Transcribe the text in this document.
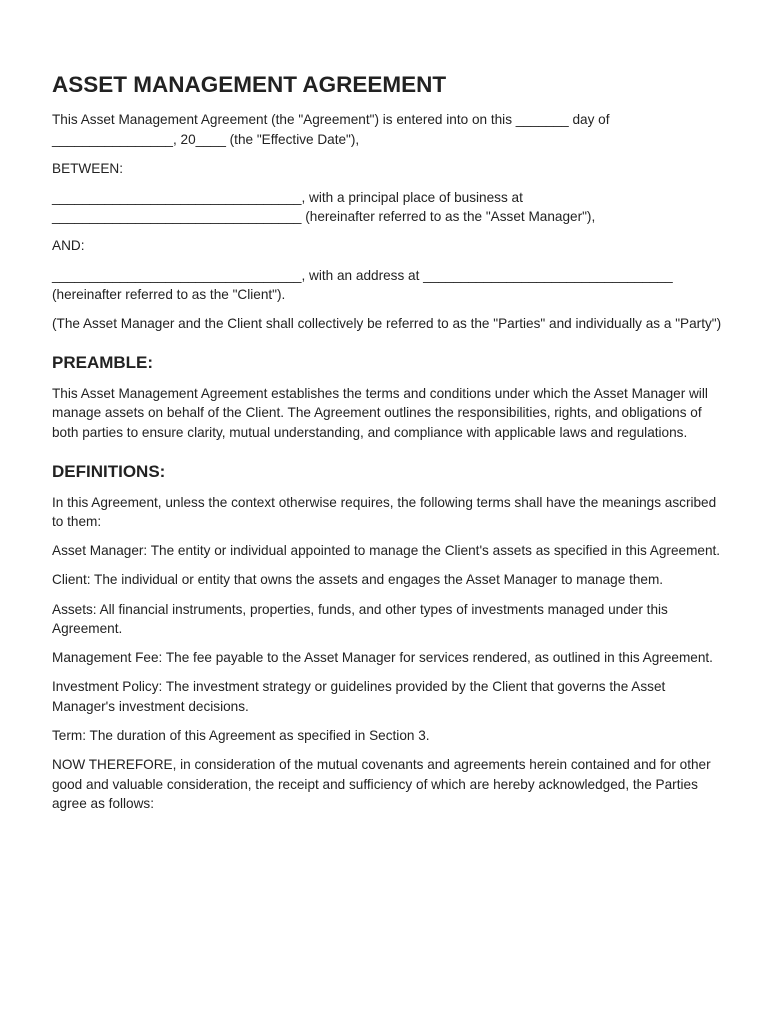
ASSET MANAGEMENT AGREEMENT

This Asset Management Agreement (the "Agreement") is entered into on this _______ day of ________________, 20____ (the "Effective Date"),

BETWEEN:

_________________________________, with a principal place of business at _________________________________ (hereinafter referred to as the "Asset Manager"),

AND:

_________________________________, with an address at _________________________________ (hereinafter referred to as the "Client").

(The Asset Manager and the Client shall collectively be referred to as the "Parties" and individually as a "Party")

PREAMBLE:

This Asset Management Agreement establishes the terms and conditions under which the Asset Manager will manage assets on behalf of the Client. The Agreement outlines the responsibilities, rights, and obligations of both parties to ensure clarity, mutual understanding, and compliance with applicable laws and regulations.

DEFINITIONS:

In this Agreement, unless the context otherwise requires, the following terms shall have the meanings ascribed to them:

Asset Manager: The entity or individual appointed to manage the Client's assets as specified in this Agreement.

Client: The individual or entity that owns the assets and engages the Asset Manager to manage them.

Assets: All financial instruments, properties, funds, and other types of investments managed under this Agreement.

Management Fee: The fee payable to the Asset Manager for services rendered, as outlined in this Agreement.

Investment Policy: The investment strategy or guidelines provided by the Client that governs the Asset Manager's investment decisions.

Term: The duration of this Agreement as specified in Section 3.

NOW THEREFORE, in consideration of the mutual covenants and agreements herein contained and for other good and valuable consideration, the receipt and sufficiency of which are hereby acknowledged, the Parties agree as follows:
